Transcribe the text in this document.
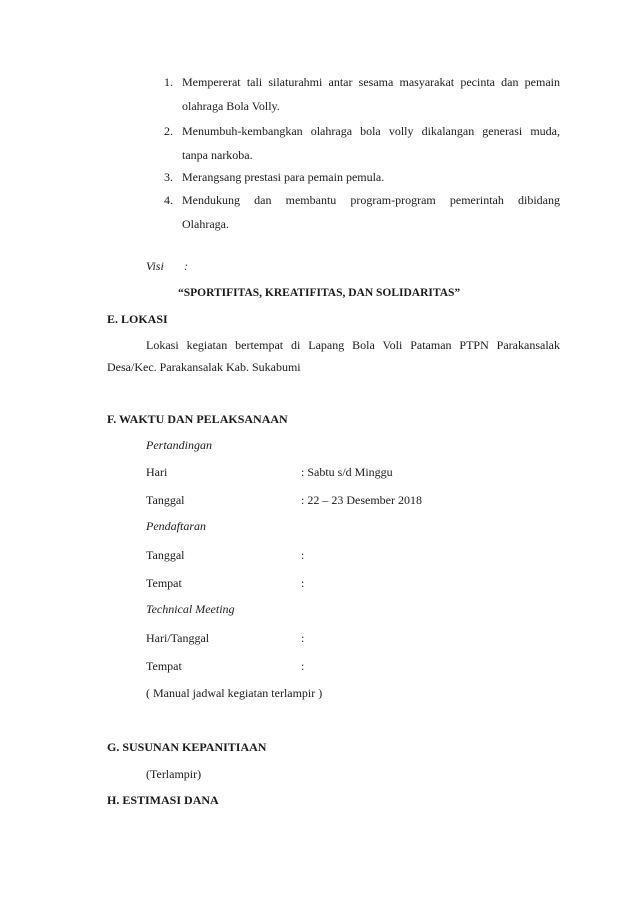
1. Mempererat tali silaturahmi antar sesama masyarakat pecinta dan pemain
olahraga Bola Volly.
2. Menumbuh-kembangkan olahraga bola volly dikalangan generasi muda,
tanpa narkoba.
3. Merangsang prestasi para pemain pemula.
4. Mendukung dan membantu program-program pemerintah dibidang
Olahraga.
Visi :
“SPORTIFITAS, KREATIFITAS, DAN SOLIDARITAS”
E. LOKASI
Lokasi kegiatan bertempat di Lapang Bola Voli Pataman PTPN Parakansalak
Desa/Kec. Parakansalak Kab. Sukabumi
F. WAKTU DAN PELAKSANAAN
Pertandingan
Hari	: Sabtu s/d Minggu
Tanggal	: 22 – 23 Desember 2018
Pendaftaran
Tanggal	:
Tempat	:
Technical Meeting
Hari/Tanggal	:
Tempat	:
( Manual jadwal kegiatan terlampir )
G. SUSUNAN KEPANITIAAN
(Terlampir)
H. ESTIMASI DANA
